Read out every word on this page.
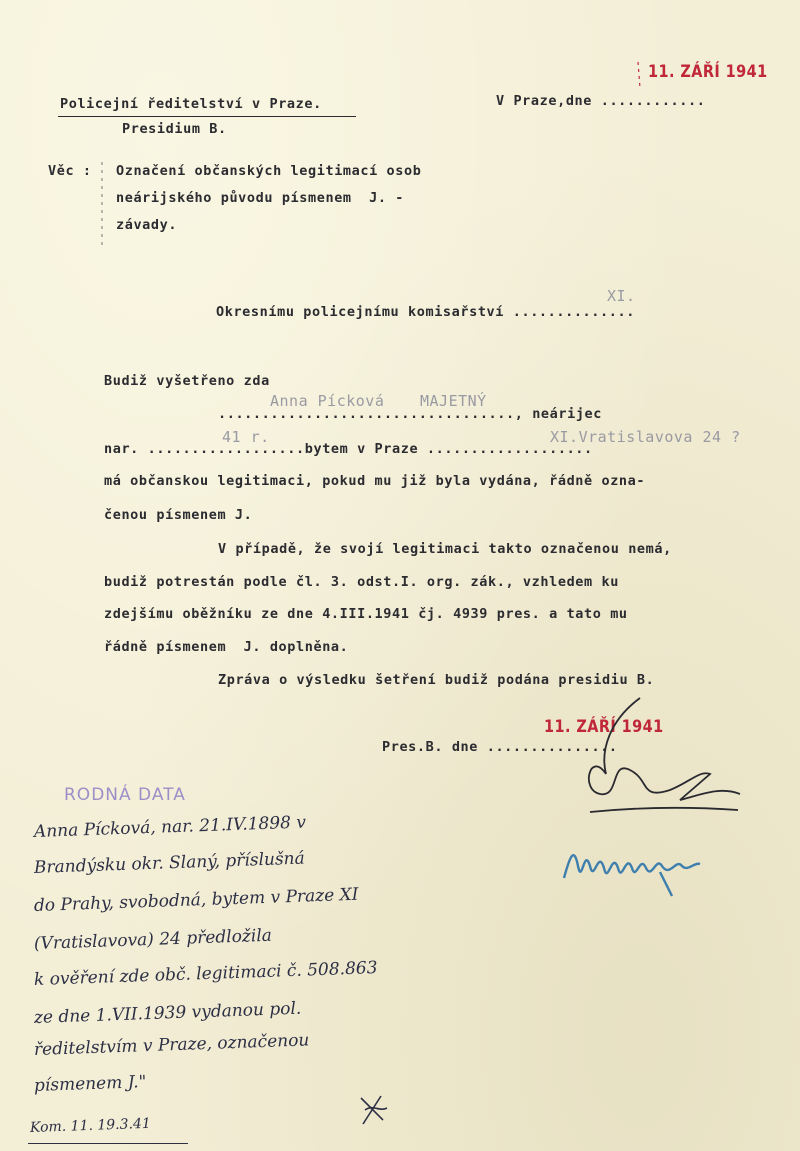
11. ZÁŘÍ 1941
Policejní ředitelství v Praze.
Presidium B.
V Praze,dne ............
Věc : Označení občanských legitimací osob
neárijského původu písmenem  J. -
závady.
Okresnímu policejnímu komisařství ..............
XI.
Budiž vyšetřeno zda
.................................., neárijec
Anna Pícková MAJETNÝ
nar. ..................bytem v Praze ...................
41 r.	XI.Vratislavova 24 ?
má občanskou legitimaci, pokud mu již byla vydána, řádně ozna-
čenou písmenem J.
V případě, že svojí legitimaci takto označenou nemá,
budiž potrestán podle čl. 3. odst.I. org. zák., vzhledem ku
zdejšímu oběžníku ze dne 4.III.1941 čj. 4939 pres. a tato mu
řádně písmenem  J. doplněna.
Zpráva o výsledku šetření budiž podána presidiu B.
11. ZÁŘÍ 1941
Pres.B. dne ...............
RODNÁ DATA
Anna Pícková, nar. 21.IV.1898 v
Brandýsku okr. Slaný, příslušná
do Prahy, svobodná, bytem v Praze XI
(Vratislavova) 24 předložila
k ověření zde obč. legitimaci č. 508.863
ze dne 1.VII.1939 vydanou pol.
ředitelstvím v Praze, označenou
písmenem J."
Kom. 11. 19.3.41
